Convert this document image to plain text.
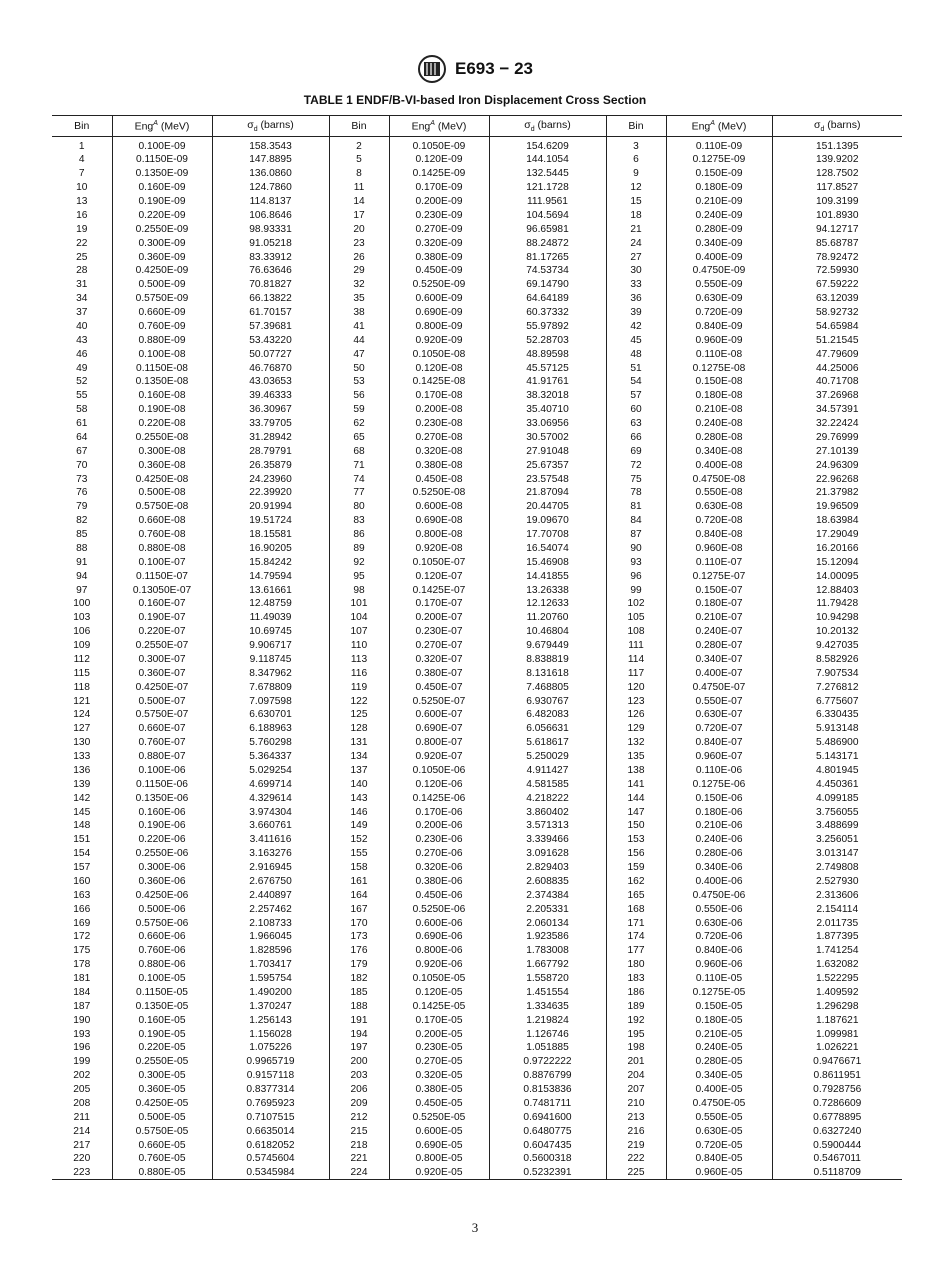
E693 − 23
TABLE 1 ENDF/B-VI-based Iron Displacement Cross Section
Bin	Eng$^A$ (MeV)	$\sigma_d$ (barns)	Bin	Eng$^A$ (MeV)	$\sigma_d$ (barns)	Bin	Eng$^A$ (MeV)	$\sigma_d$ (barns)
1	0.100E-09	158.3543	2	0.1050E-09	154.6209	3	0.110E-09	151.1395
4	0.1150E-09	147.8895	5	0.120E-09	144.1054	6	0.1275E-09	139.9202
7	0.1350E-09	136.0860	8	0.1425E-09	132.5445	9	0.150E-09	128.7502
10	0.160E-09	124.7860	11	0.170E-09	121.1728	12	0.180E-09	117.8527
13	0.190E-09	114.8137	14	0.200E-09	111.9561	15	0.210E-09	109.3199
16	0.220E-09	106.8646	17	0.230E-09	104.5694	18	0.240E-09	101.8930
19	0.2550E-09	98.93331	20	0.270E-09	96.65981	21	0.280E-09	94.12717
22	0.300E-09	91.05218	23	0.320E-09	88.24872	24	0.340E-09	85.68787
25	0.360E-09	83.33912	26	0.380E-09	81.17265	27	0.400E-09	78.92472
28	0.4250E-09	76.63646	29	0.450E-09	74.53734	30	0.4750E-09	72.59930
31	0.500E-09	70.81827	32	0.5250E-09	69.14790	33	0.550E-09	67.59222
34	0.5750E-09	66.13822	35	0.600E-09	64.64189	36	0.630E-09	63.12039
37	0.660E-09	61.70157	38	0.690E-09	60.37332	39	0.720E-09	58.92732
40	0.760E-09	57.39681	41	0.800E-09	55.97892	42	0.840E-09	54.65984
43	0.880E-09	53.43220	44	0.920E-09	52.28703	45	0.960E-09	51.21545
46	0.100E-08	50.07727	47	0.1050E-08	48.89598	48	0.110E-08	47.79609
49	0.1150E-08	46.76870	50	0.120E-08	45.57125	51	0.1275E-08	44.25006
52	0.1350E-08	43.03653	53	0.1425E-08	41.91761	54	0.150E-08	40.71708
55	0.160E-08	39.46333	56	0.170E-08	38.32018	57	0.180E-08	37.26968
58	0.190E-08	36.30967	59	0.200E-08	35.40710	60	0.210E-08	34.57391
61	0.220E-08	33.79705	62	0.230E-08	33.06956	63	0.240E-08	32.22424
64	0.2550E-08	31.28942	65	0.270E-08	30.57002	66	0.280E-08	29.76999
67	0.300E-08	28.79791	68	0.320E-08	27.91048	69	0.340E-08	27.10139
70	0.360E-08	26.35879	71	0.380E-08	25.67357	72	0.400E-08	24.96309
73	0.4250E-08	24.23960	74	0.450E-08	23.57548	75	0.4750E-08	22.96268
76	0.500E-08	22.39920	77	0.5250E-08	21.87094	78	0.550E-08	21.37982
79	0.5750E-08	20.91994	80	0.600E-08	20.44705	81	0.630E-08	19.96509
82	0.660E-08	19.51724	83	0.690E-08	19.09670	84	0.720E-08	18.63984
85	0.760E-08	18.15581	86	0.800E-08	17.70708	87	0.840E-08	17.29049
88	0.880E-08	16.90205	89	0.920E-08	16.54074	90	0.960E-08	16.20166
91	0.100E-07	15.84242	92	0.1050E-07	15.46908	93	0.110E-07	15.12094
94	0.1150E-07	14.79594	95	0.120E-07	14.41855	96	0.1275E-07	14.00095
97	0.13050E-07	13.61661	98	0.1425E-07	13.26338	99	0.150E-07	12.88403
100	0.160E-07	12.48759	101	0.170E-07	12.12633	102	0.180E-07	11.79428
103	0.190E-07	11.49039	104	0.200E-07	11.20760	105	0.210E-07	10.94298
106	0.220E-07	10.69745	107	0.230E-07	10.46804	108	0.240E-07	10.20132
109	0.2550E-07	9.906717	110	0.270E-07	9.679449	111	0.280E-07	9.427035
112	0.300E-07	9.118745	113	0.320E-07	8.838819	114	0.340E-07	8.582926
115	0.360E-07	8.347962	116	0.380E-07	8.131618	117	0.400E-07	7.907534
118	0.4250E-07	7.678809	119	0.450E-07	7.468805	120	0.4750E-07	7.276812
121	0.500E-07	7.097598	122	0.5250E-07	6.930767	123	0.550E-07	6.775607
124	0.5750E-07	6.630701	125	0.600E-07	6.482083	126	0.630E-07	6.330435
127	0.660E-07	6.188963	128	0.690E-07	6.056631	129	0.720E-07	5.913148
130	0.760E-07	5.760298	131	0.800E-07	5.618617	132	0.840E-07	5.486900
133	0.880E-07	5.364337	134	0.920E-07	5.250029	135	0.960E-07	5.143171
136	0.100E-06	5.029254	137	0.1050E-06	4.911427	138	0.110E-06	4.801945
139	0.1150E-06	4.699714	140	0.120E-06	4.581585	141	0.1275E-06	4.450361
142	0.1350E-06	4.329614	143	0.1425E-06	4.218222	144	0.150E-06	4.099185
145	0.160E-06	3.974304	146	0.170E-06	3.860402	147	0.180E-06	3.756055
148	0.190E-06	3.660761	149	0.200E-06	3.571313	150	0.210E-06	3.488699
151	0.220E-06	3.411616	152	0.230E-06	3.339466	153	0.240E-06	3.256051
154	0.2550E-06	3.163276	155	0.270E-06	3.091628	156	0.280E-06	3.013147
157	0.300E-06	2.916945	158	0.320E-06	2.829403	159	0.340E-06	2.749808
160	0.360E-06	2.676750	161	0.380E-06	2.608835	162	0.400E-06	2.527930
163	0.4250E-06	2.440897	164	0.450E-06	2.374384	165	0.4750E-06	2.313606
166	0.500E-06	2.257462	167	0.5250E-06	2.205331	168	0.550E-06	2.154114
169	0.5750E-06	2.108733	170	0.600E-06	2.060134	171	0.630E-06	2.011735
172	0.660E-06	1.966045	173	0.690E-06	1.923586	174	0.720E-06	1.877395
175	0.760E-06	1.828596	176	0.800E-06	1.783008	177	0.840E-06	1.741254
178	0.880E-06	1.703417	179	0.920E-06	1.667792	180	0.960E-06	1.632082
181	0.100E-05	1.595754	182	0.1050E-05	1.558720	183	0.110E-05	1.522295
184	0.1150E-05	1.490200	185	0.120E-05	1.451554	186	0.1275E-05	1.409592
187	0.1350E-05	1.370247	188	0.1425E-05	1.334635	189	0.150E-05	1.296298
190	0.160E-05	1.256143	191	0.170E-05	1.219824	192	0.180E-05	1.187621
193	0.190E-05	1.156028	194	0.200E-05	1.126746	195	0.210E-05	1.099981
196	0.220E-05	1.075226	197	0.230E-05	1.051885	198	0.240E-05	1.026221
199	0.2550E-05	0.9965719	200	0.270E-05	0.9722222	201	0.280E-05	0.9476671
202	0.300E-05	0.9157118	203	0.320E-05	0.8876799	204	0.340E-05	0.8611951
205	0.360E-05	0.8377314	206	0.380E-05	0.8153836	207	0.400E-05	0.7928756
208	0.4250E-05	0.7695923	209	0.450E-05	0.7481711	210	0.4750E-05	0.7286609
211	0.500E-05	0.7107515	212	0.5250E-05	0.6941600	213	0.550E-05	0.6778895
214	0.5750E-05	0.6635014	215	0.600E-05	0.6480775	216	0.630E-05	0.6327240
217	0.660E-05	0.6182052	218	0.690E-05	0.6047435	219	0.720E-05	0.5900444
220	0.760E-05	0.5745604	221	0.800E-05	0.5600318	222	0.840E-05	0.5467011
223	0.880E-05	0.5345984	224	0.920E-05	0.5232391	225	0.960E-05	0.5118709
3
